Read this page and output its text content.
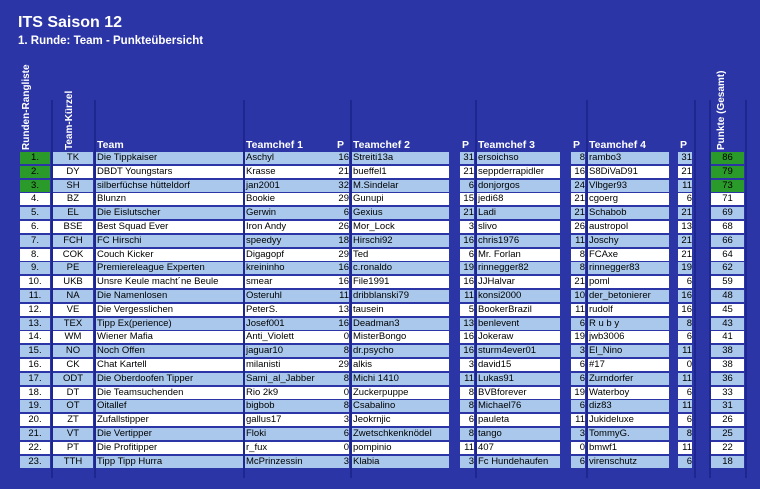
ITS Saison 12
1. Runde: Team - Punkteübersicht
Runden-Rangliste	Team-Kürzel	Punkte (Gesamt)
Team	Teamchef 1	P Teamchef 2	P Teamchef 3	P Teamchef 4	P
1.	TK	Die Tippkaiser	Aschyl	16 Streiti13a	31 ersoichso	8 rambo3	31	86
2.	DY	DBDT Youngstars	Krasse	21 bueffel1	21 seppderrapidler	16 S8DiVaD91	21	79
3.	SH	silberfüchse hütteldorf	jan2001	32 M.Sindelar	6 donjorgos	24 Vlbger93	11	73
4.	BZ	Blunzn	Bookie	29 Gunupi	15 jedi68	21 cgoerg	6	71
5.	EL	Die Eislutscher	Gerwin	6 Gexius	21 Ladi	21 Schabob	21	69
6.	BSE	Best Squad Ever	Iron Andy	26 Mor_Lock	3 slivo	26 austropol	13	68
7.	FCH	FC Hirschi	speedyy	18 Hirschi92	16 chris1976	11 Joschy	21	66
8.	COK	Couch Kicker	Digagopf	29 Ted	6 Mr. Forlan	8 FCAxe	21	64
9.	PE	Premiereleague Experten	kreininho	16 c.ronaldo	19 rinnegger82	8 rinnegger83	19	62
10.	UKB	Unsre Keule macht´ne Beule	smear	16 File1991	16 JJHalvar	21 poml	6	59
11.	NA	Die Namenlosen	Osteruhl	11 dribblanski79	11 konsi2000	10 der_betonierer	16	48
12.	VE	Die Vergesslichen	PeterS.	13 tausein	5 BookerBrazil	11 rudolf	16	45
13.	TEX	Tipp Ex(perience)	Josef001	16 Deadman3	13 benlevent	6 R u b y	8	43
14.	WM	Wiener Mafia	Anti_Violett	0 MisterBongo	16 Jokeraw	19 jwb3006	6	41
15.	NO	Noch Offen	jaguar10	8 dr.psycho	16 sturm4ever01	3 El_Nino	11	38
16.	CK	Chat Kartell	milanisti	29 alkis	3 david15	6 #17	0	38
17.	ODT	Die Oberdoofen Tipper	Sami_al_Jabber	8 Michi 1410	11 Lukas91	6 Zurndorfer	11	36
18.	DT	Die Teamsuchenden	Rio 2k9	0 Zuckerpuppe	8 BVBforever	19 Waterboy	6	33
19.	OT	Oitallef	bigbob	8 Csabalino	8 Michael76	6 diz83	11	31
20.	ZT	Zufallstipper	gallus17	3 Jeokrnjic	6 pauleta	11 Jukideluxe	6	26
21.	VT	Die Vertipper	Floki	6 Zwetschkenknödel	8 tango	3 TommyG.	8	25
22.	PT	Die Profitipper	r_fux	0 pompinio	11 407	0 bmwf1	11	22
23.	TTH	Tipp Tipp Hurra	McPrinzessin	3 Klabia	3 Fc Hundehaufen	6 virenschutz	6	18
